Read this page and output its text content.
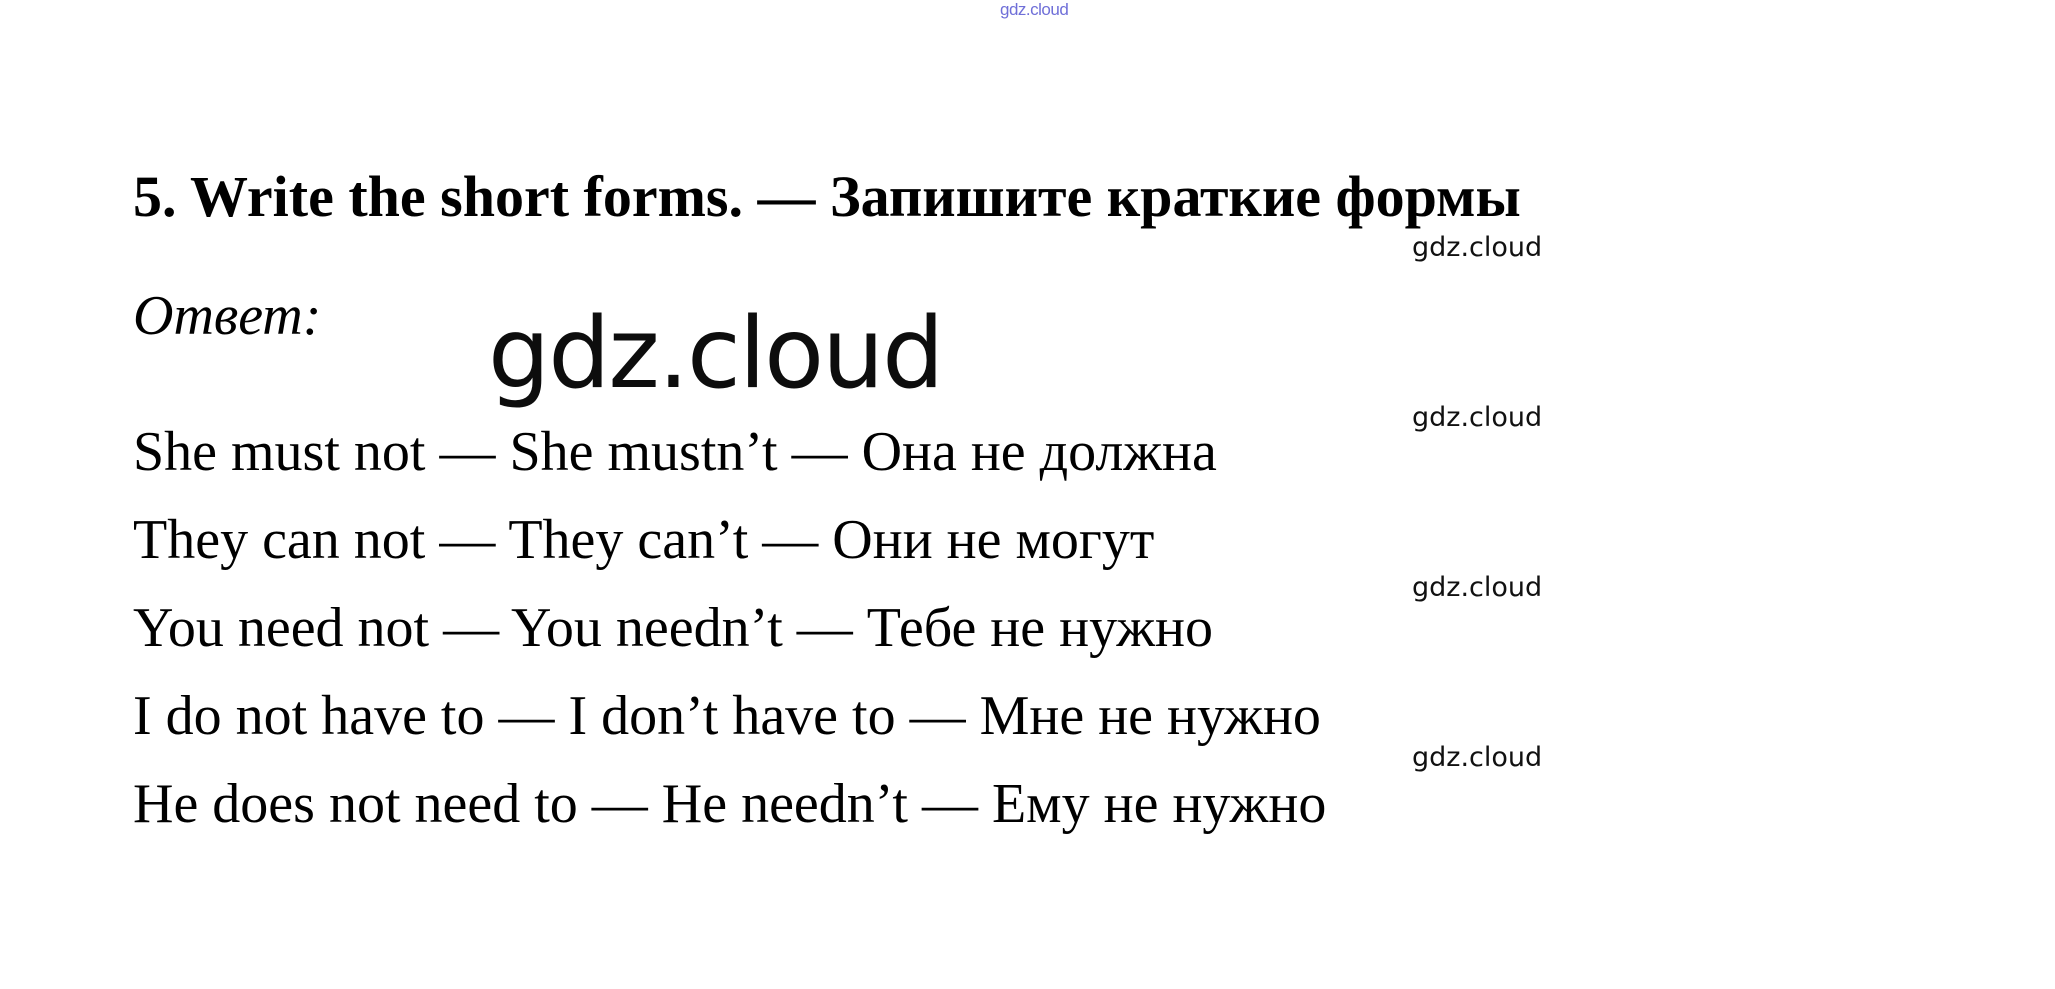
gdz.cloud
5. Write the short forms. — Запишите краткие формы
Ответ: gdz.cloud
She must not — She mustn’t — Она не должна
They can not — They can’t — Они не могут
You need not — You needn’t — Тебе не нужно
I do not have to — I don’t have to — Мне не нужно
He does not need to — He needn’t — Ему не нужно
gdz.cloud
gdz.cloud
gdz.cloud
gdz.cloud
